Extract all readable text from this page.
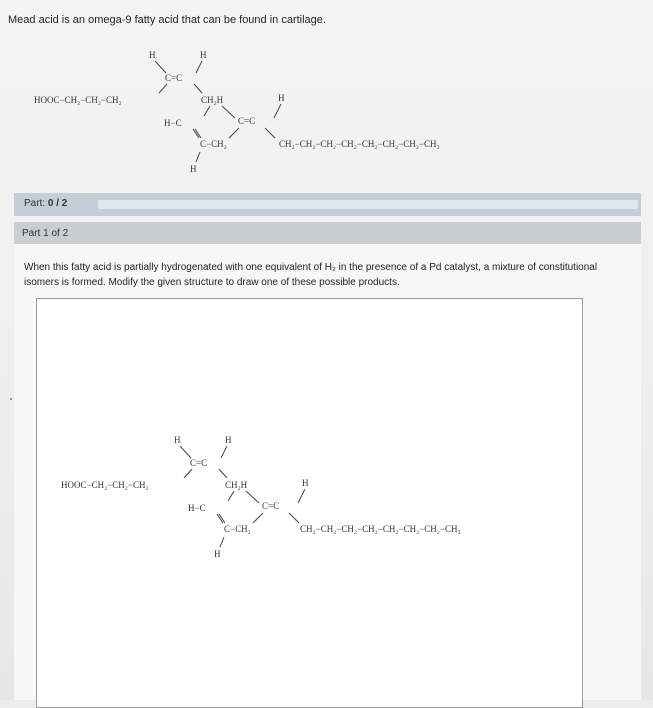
Mead acid is an omega-9 fatty acid that can be found in cartilage.
H	H
C=C
HOOC−CH₂−CH₂−CH₂	CH₂H	H
H−C	C=C
C−CH₂	CH₂−CH₂−CH₂−CH₂−CH₂−CH₂−CH₂−CH₃
H
Part: 0 / 2
Part 1 of 2
When this fatty acid is partially hydrogenated with one equivalent of H₂ in the presence of a Pd catalyst, a mixture of constitutional isomers is formed. Modify the given structure to draw one of these possible products.
H	H
C=C
HOOC−CH₂−CH₂−CH₂	CH₂H	H
H−C	C=C
C−CH₂	CH₂−CH₂−CH₂−CH₂−CH₂−CH₂−CH₂−CH₃
H
